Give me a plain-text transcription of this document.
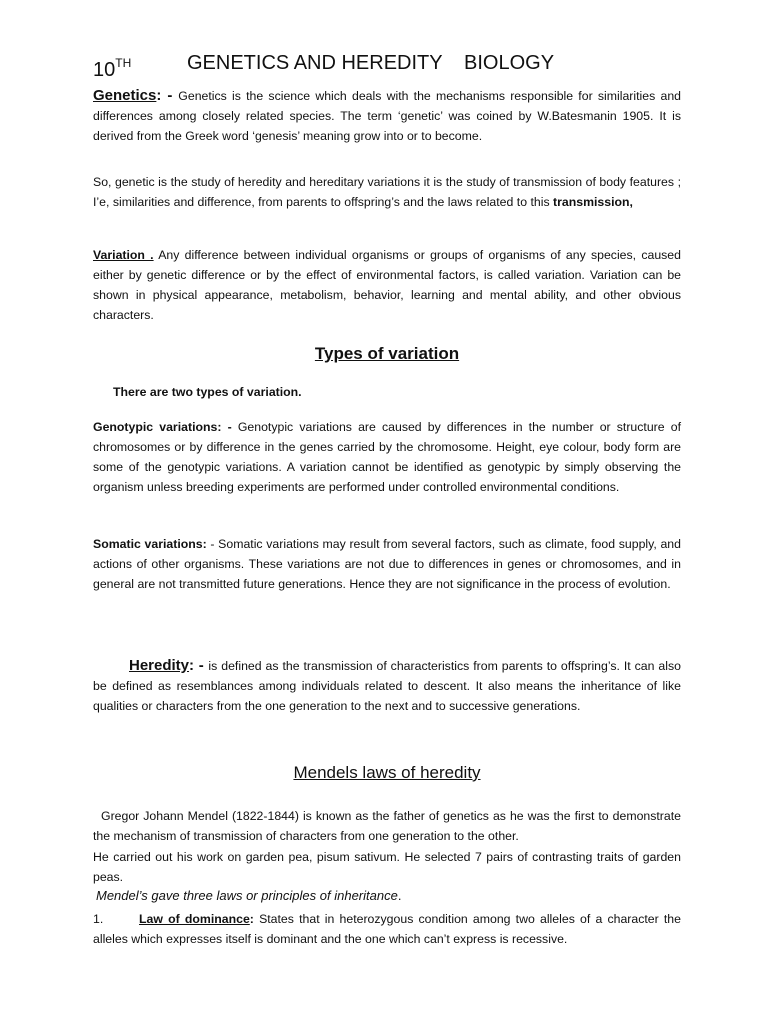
10TH	GENETICS AND HEREDITY BIOLOGY

Genetics: - Genetics is the science which deals with the mechanisms responsible for similarities and differences among closely related species. The term ‘genetic’ was coined by W.Batesmanin 1905. It is derived from the Greek word ‘genesis’ meaning grow into or to become.

So, genetic is the study of heredity and hereditary variations it is the study of transmission of body features ; I’e, similarities and difference, from parents to offspring’s and the laws related to this transmission,

Variation . Any difference between individual organisms or groups of organisms of any species, caused either by genetic difference or by the effect of environmental factors, is called variation. Variation can be shown in physical appearance, metabolism, behavior, learning and mental ability, and other obvious characters.

Types of variation

There are two types of variation.

Genotypic variations: - Genotypic variations are caused by differences in the number or structure of chromosomes or by difference in the genes carried by the chromosome. Height, eye colour, body form are some of the genotypic variations. A variation cannot be identified as genotypic by simply observing the organism unless breeding experiments are performed under controlled environmental conditions.

Somatic variations: - Somatic variations may result from several factors, such as climate, food supply, and actions of other organisms. These variations are not due to differences in genes or chromosomes, and in general are not transmitted future generations. Hence they are not significance in the process of evolution.

Heredity: - is defined as the transmission of characteristics from parents to offspring’s. It can also be defined as resemblances among individuals related to descent. It also means the inheritance of like qualities or characters from the one generation to the next and to successive generations.

Mendels laws of heredity

Gregor Johann Mendel (1822-1844) is known as the father of genetics as he was the first to demonstrate the mechanism of transmission of characters from one generation to the other.

He carried out his work on garden pea, pisum sativum. He selected 7 pairs of contrasting traits of garden peas.

Mendel’s gave three laws or principles of inheritance.

1.	Law of dominance: States that in heterozygous condition among two alleles of a character the alleles which expresses itself is dominant and the one which can’t express is recessive.
